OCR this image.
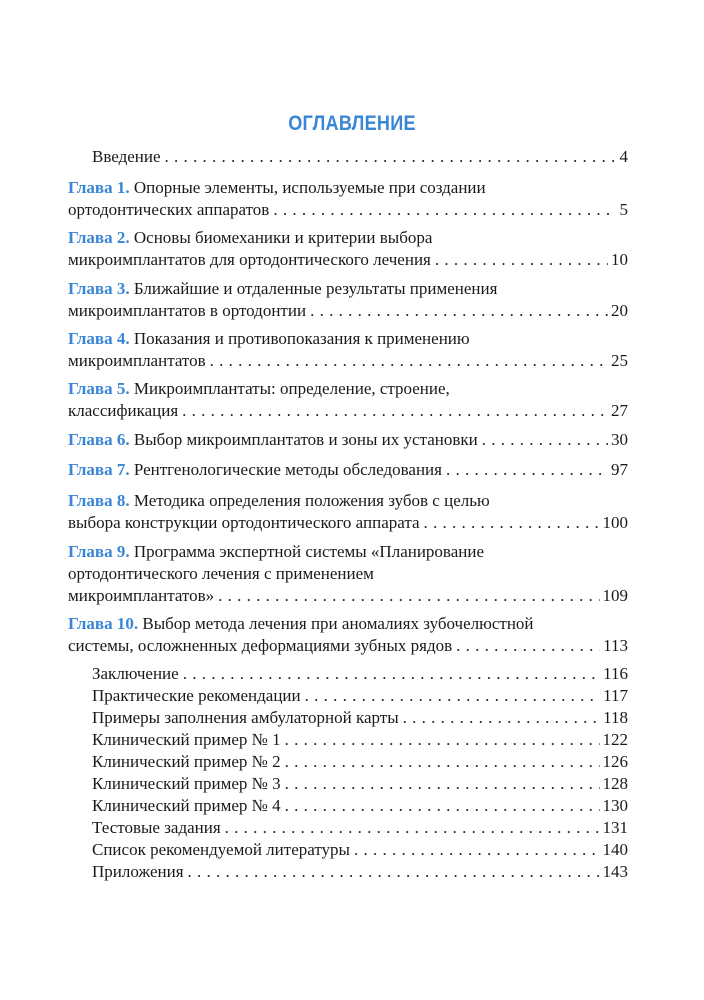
ОГЛАВЛЕНИЕ
Введение . . .	4
Глава 1. Опорные элементы, используемые при создании
ортодонтических аппаратов . . .	5
Глава 2. Основы биомеханики и критерии выбора
микроимплантатов для ортодонтического лечения . . .	10
Глава 3. Ближайшие и отдаленные результаты применения
микроимплантатов в ортодонтии . . .	20
Глава 4. Показания и противопоказания к применению
микроимплантатов . . .	25
Глава 5. Микроимплантаты: определение, строение,
классификация . . .	27
Глава 6. Выбор микроимплантатов и зоны их установки . . .	30
Глава 7. Рентгенологические методы обследования . . .	97
Глава 8. Методика определения положения зубов с целью
выбора конструкции ортодонтического аппарата . . .	100
Глава 9. Программа экспертной системы «Планирование
ортодонтического лечения с применением
микроимплантатов» . . .	109
Глава 10. Выбор метода лечения при аномалиях зубочелюстной
системы, осложненных деформациями зубных рядов . . .	113
Заключение . . .	116
Практические рекомендации . . .	117
Примеры заполнения амбулаторной карты . . .	118
Клинический пример № 1 . . .	122
Клинический пример № 2 . . .	126
Клинический пример № 3 . . .	128
Клинический пример № 4 . . .	130
Тестовые задания . . .	131
Список рекомендуемой литературы . . .	140
Приложения . . .	143
